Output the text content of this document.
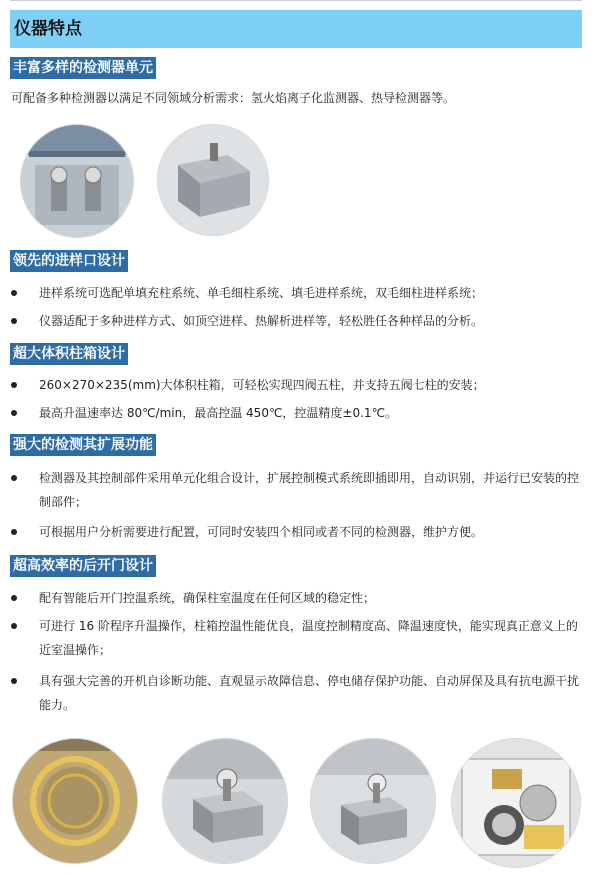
仪器特点
丰富多样的检测器单元
可配备多种检测器以满足不同领域分析需求：氢火焰离子化监测器、热导检测器等。
领先的进样口设计
进样系统可选配单填充柱系统、单毛细柱系统、填毛进样系统，双毛细柱进样系统；
仪器适配于多种进样方式、如顶空进样、热解析进样等，轻松胜任各种样品的分析。
超大体积柱箱设计
260×270×235(mm)大体积柱箱，可轻松实现四阀五柱，并支持五阀七柱的安装；
最高升温速率达 80℃/min，最高控温 450℃，控温精度±0.1℃。
强大的检测其扩展功能
检测器及其控制部件采用单元化组合设计，扩展控制模式系统即插即用，自动识别，并运行已安装的控制部件；
可根据用户分析需要进行配置，可同时安装四个相同或者不同的检测器，维护方便。
超高效率的后开门设计
配有智能后开门控温系统，确保柱室温度在任何区域的稳定性；
可进行 16 阶程序升温操作，柱箱控温性能优良，温度控制精度高、降温速度快，能实现真正意义上的近室温操作；
具有强大完善的开机自诊断功能、直观显示故障信息、停电储存保护功能、自动屏保及具有抗电源干扰能力。
